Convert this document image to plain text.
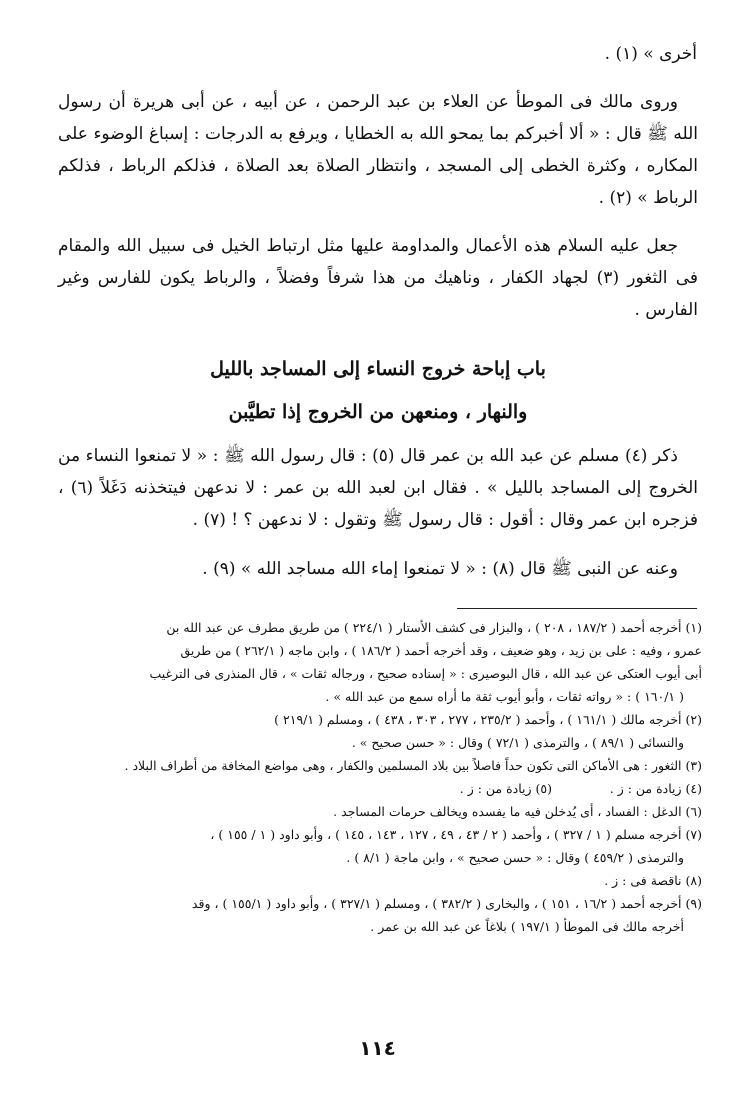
أخرى » (١) .

وروى مالك فى الموطأ عن العلاء بن عبد الرحمن ، عن أبيه ، عن أبى هريرة أن رسول الله ﷺ قال : « ألا أخبركم بما يمحو الله به الخطايا ، ويرفع به الدرجات : إسباغ الوضوء على المكاره ، وكثرة الخطى إلى المسجد ، وانتظار الصلاة بعد الصلاة ، فذلكم الرباط ، فذلكم الرباط » (٢) .

جعل عليه السلام هذه الأعمال والمداومة عليها مثل ارتباط الخيل فى سبيل الله والمقام فى الثغور (٣) لجهاد الكفار ، وناهيك من هذا شرفاً وفضلاً ، والرباط يكون للفارس وغير الفارس .

باب إباحة خروج النساء إلى المساجد بالليل
والنهار ، ومنعهن من الخروج إذا تطيَّبن

ذكر (٤) مسلم عن عبد الله بن عمر قال (٥) : قال رسول الله ﷺ : « لا تمنعوا النساء من الخروج إلى المساجد بالليل » . فقال ابن لعبد الله بن عمر : لا ندعهن فيتخذنه دَغَلاً (٦) ، فزجره ابن عمر وقال : أقول : قال رسول ﷺ وتقول : لا ندعهن ؟ ! (٧) .

وعنه عن النبى ﷺ قال (٨) : « لا تمنعوا إماء الله مساجد الله » (٩) .

(١) أخرجه أحمد ( ١٨٧/٢ ، ٢٠٨ ) ، والبزار فى كشف الأستار ( ٢٢٤/١ ) من طريق مطرف عن عبد الله بن
عمرو ، وفيه : على بن زيد ، وهو ضعيف ، وقد أخرجه أحمد ( ١٨٦/٢ ) ، وابن ماجه ( ٢٦٢/١ ) من طريق
أبى أيوب العتكى عن عبد الله ، قال البوصيرى : « إسناده صحيح ، ورجاله ثقات » ، قال المنذرى فى الترغيب
( ١٦٠/١ ) : « رواته ثقات ، وأبو أيوب ثقة ما أراه سمع من عبد الله » .

(٢) أخرجه مالك ( ١٦١/١ ) ، وأحمد ( ٢٣٥/٢ ، ٢٧٧ ، ٣٠٣ ، ٤٣٨ ) ، ومسلم ( ٢١٩/١ )
والنسائى ( ٨٩/١ ) ، والترمذى ( ٧٢/١ ) وقال : « حسن صحيح » .

(٣) الثغور : هى الأماكن التى تكون حداً فاصلاً بين بلاد المسلمين والكفار ، وهى مواضع المخافة من أطراف البلاد .

(٤) زيادة من : ز .
(٥) زيادة من : ز .

(٦) الدغل : الفساد ، أى يُدخلن فيه ما يفسده ويخالف حرمات المساجد .

(٧) أخرجه مسلم ( ١ / ٣٢٧ ) ، وأحمد ( ٢ / ٤٣ ، ٤٩ ، ١٢٧ ، ١٤٣ ، ١٤٥ ) ، وأبو داود ( ١ / ١٥٥ ) ،
والترمذى ( ٤٥٩/٢ ) وقال : « حسن صحيح » ، وابن ماجة ( ٨/١ ) .

(٨) ناقصة فى : ز .

(٩) أخرجه أحمد ( ١٦/٢ ، ١٥١ ) ، والبخارى ( ٣٨٢/٢ ) ، ومسلم ( ٣٢٧/١ ) ، وأبو داود ( ١٥٥/١ ) ، وقد
أخرجه مالك فى الموطأ ( ١٩٧/١ ) بلاغاً عن عبد الله بن عمر .

١١٤
